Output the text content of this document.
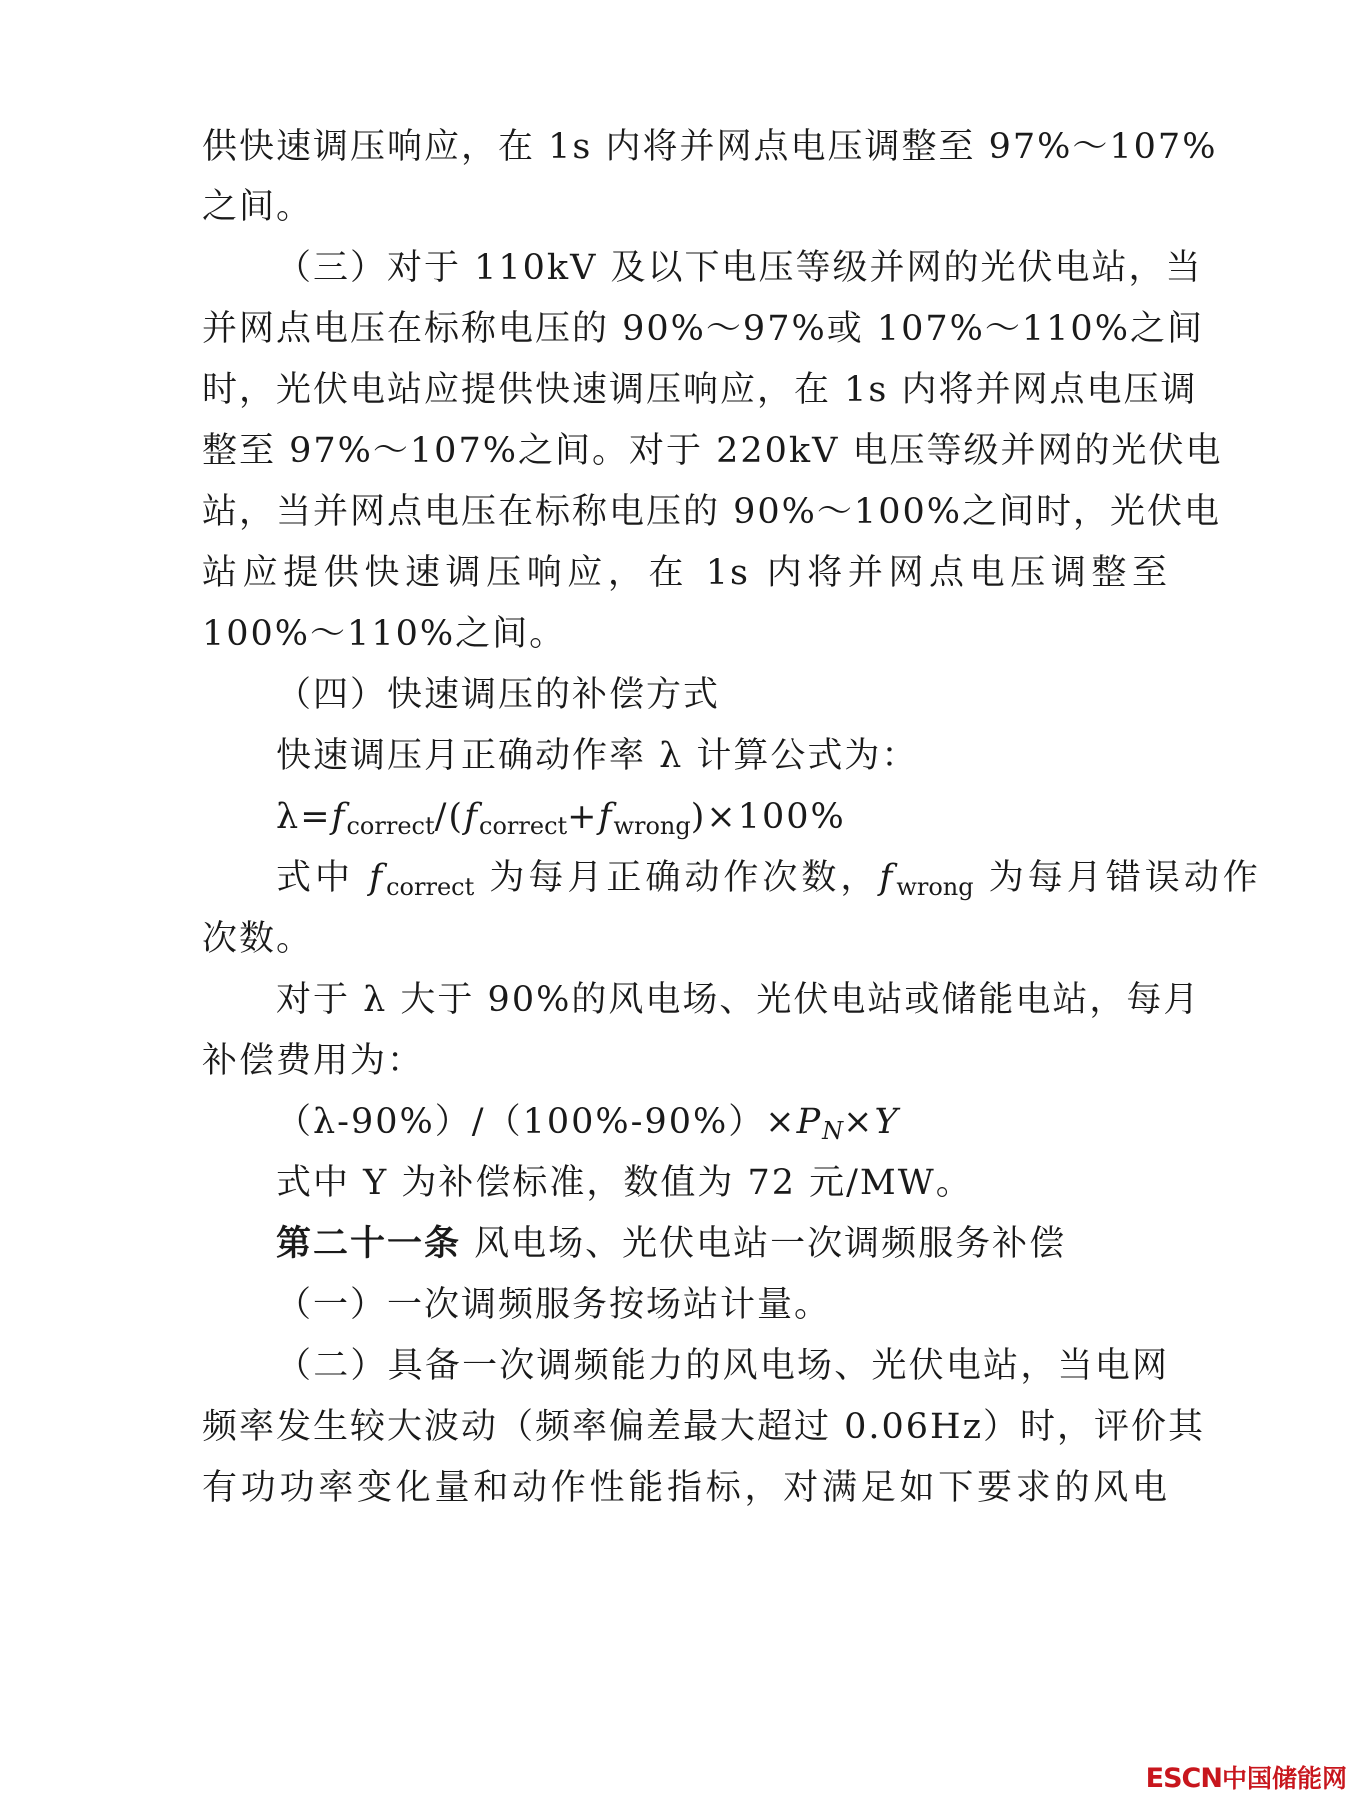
供快速调压响应，在 1s 内将并网点电压调整至 97%～107%
之间。
（三）对于 110kV 及以下电压等级并网的光伏电站，当
并网点电压在标称电压的 90%～97%或 107%～110%之间
时，光伏电站应提供快速调压响应，在 1s 内将并网点电压调
整至 97%～107%之间。对于 220kV 电压等级并网的光伏电
站，当并网点电压在标称电压的 90%～100%之间时，光伏电
站应提供快速调压响应，在 1s 内将并网点电压调整至
100%～110%之间。
（四）快速调压的补偿方式
快速调压月正确动作率 λ 计算公式为：
$\lambda=f_{correct}/(f_{correct}+f_{wrong})\times 100\%$
式中 $f_{correct}$ 为每月正确动作次数，$f_{wrong}$ 为每月错误动作
次数。
对于 λ 大于 90%的风电场、光伏电站或储能电站，每月
补偿费用为：
$(\lambda-90\%)/(100\%-90\%)\times P_N\times Y$
式中 Y 为补偿标准，数值为 72 元/MW。
第二十一条 风电场、光伏电站一次调频服务补偿
（一）一次调频服务按场站计量。
（二）具备一次调频能力的风电场、光伏电站，当电网
频率发生较大波动（频率偏差最大超过 0.06Hz）时，评价其
有功功率变化量和动作性能指标，对满足如下要求的风电
ESCN中国储能网
